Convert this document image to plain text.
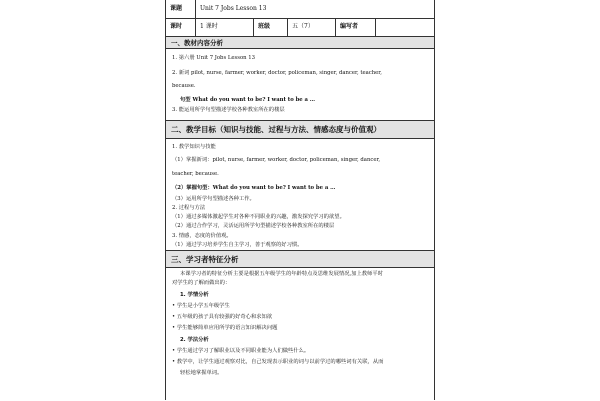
课题	Unit 7 Jobs Lesson 13
课时	1 课时	班级	五（7）	编写者
一、教材内容分析
1. 第六册 Unit 7 Jobs Lesson 13
2. 新词 pilot, nurse, farmer, worker, doctor, policeman, singer, dancer, teacher,
because.
句型 What do you want to be? I want to be a …
3. 能运用所学句型描述学校各种教室所在的楼层
二、教学目标（知识与技能、过程与方法、情感态度与价值观）
1. 教学知识与技能
（1）掌握新词：pilot, nurse, farmer, worker, doctor, policeman, singer, dancer,
teacher, because.
（2）掌握句型：What do you want to be? I want to be a …
（3）运用所学句型描述各种工作。
2. 过程与方法
（1）通过多媒体激起学生对各种不同职业的兴趣，激发探究学习的欲望。
（2）通过合作学习，灵活运用所学句型描述学校各种教室所在的楼层
3. 情感，态度的价值观。
（1）通过学习培养学生自主学习，善于观察的好习惯。
三、学习者特征分析
本课学习者的特征分析主要是根据五年级学生的年龄特点及思维发展情况,加上教师平时
对学生的了解而做出的：
1. 学情分析
• 学生是小学五年级学生
• 五年级的孩子具有较强的好奇心和求知欲
• 学生能够简单应用所学的语言知识解决问题
2. 学法分析
• 学生通过学习了解职业以及不同职业能为人们做些什么。
• 教学中，让学生通过观察对比，自己发现表示职业的词与以前学过的哪些词有关联，从而
轻松地掌握单词。
